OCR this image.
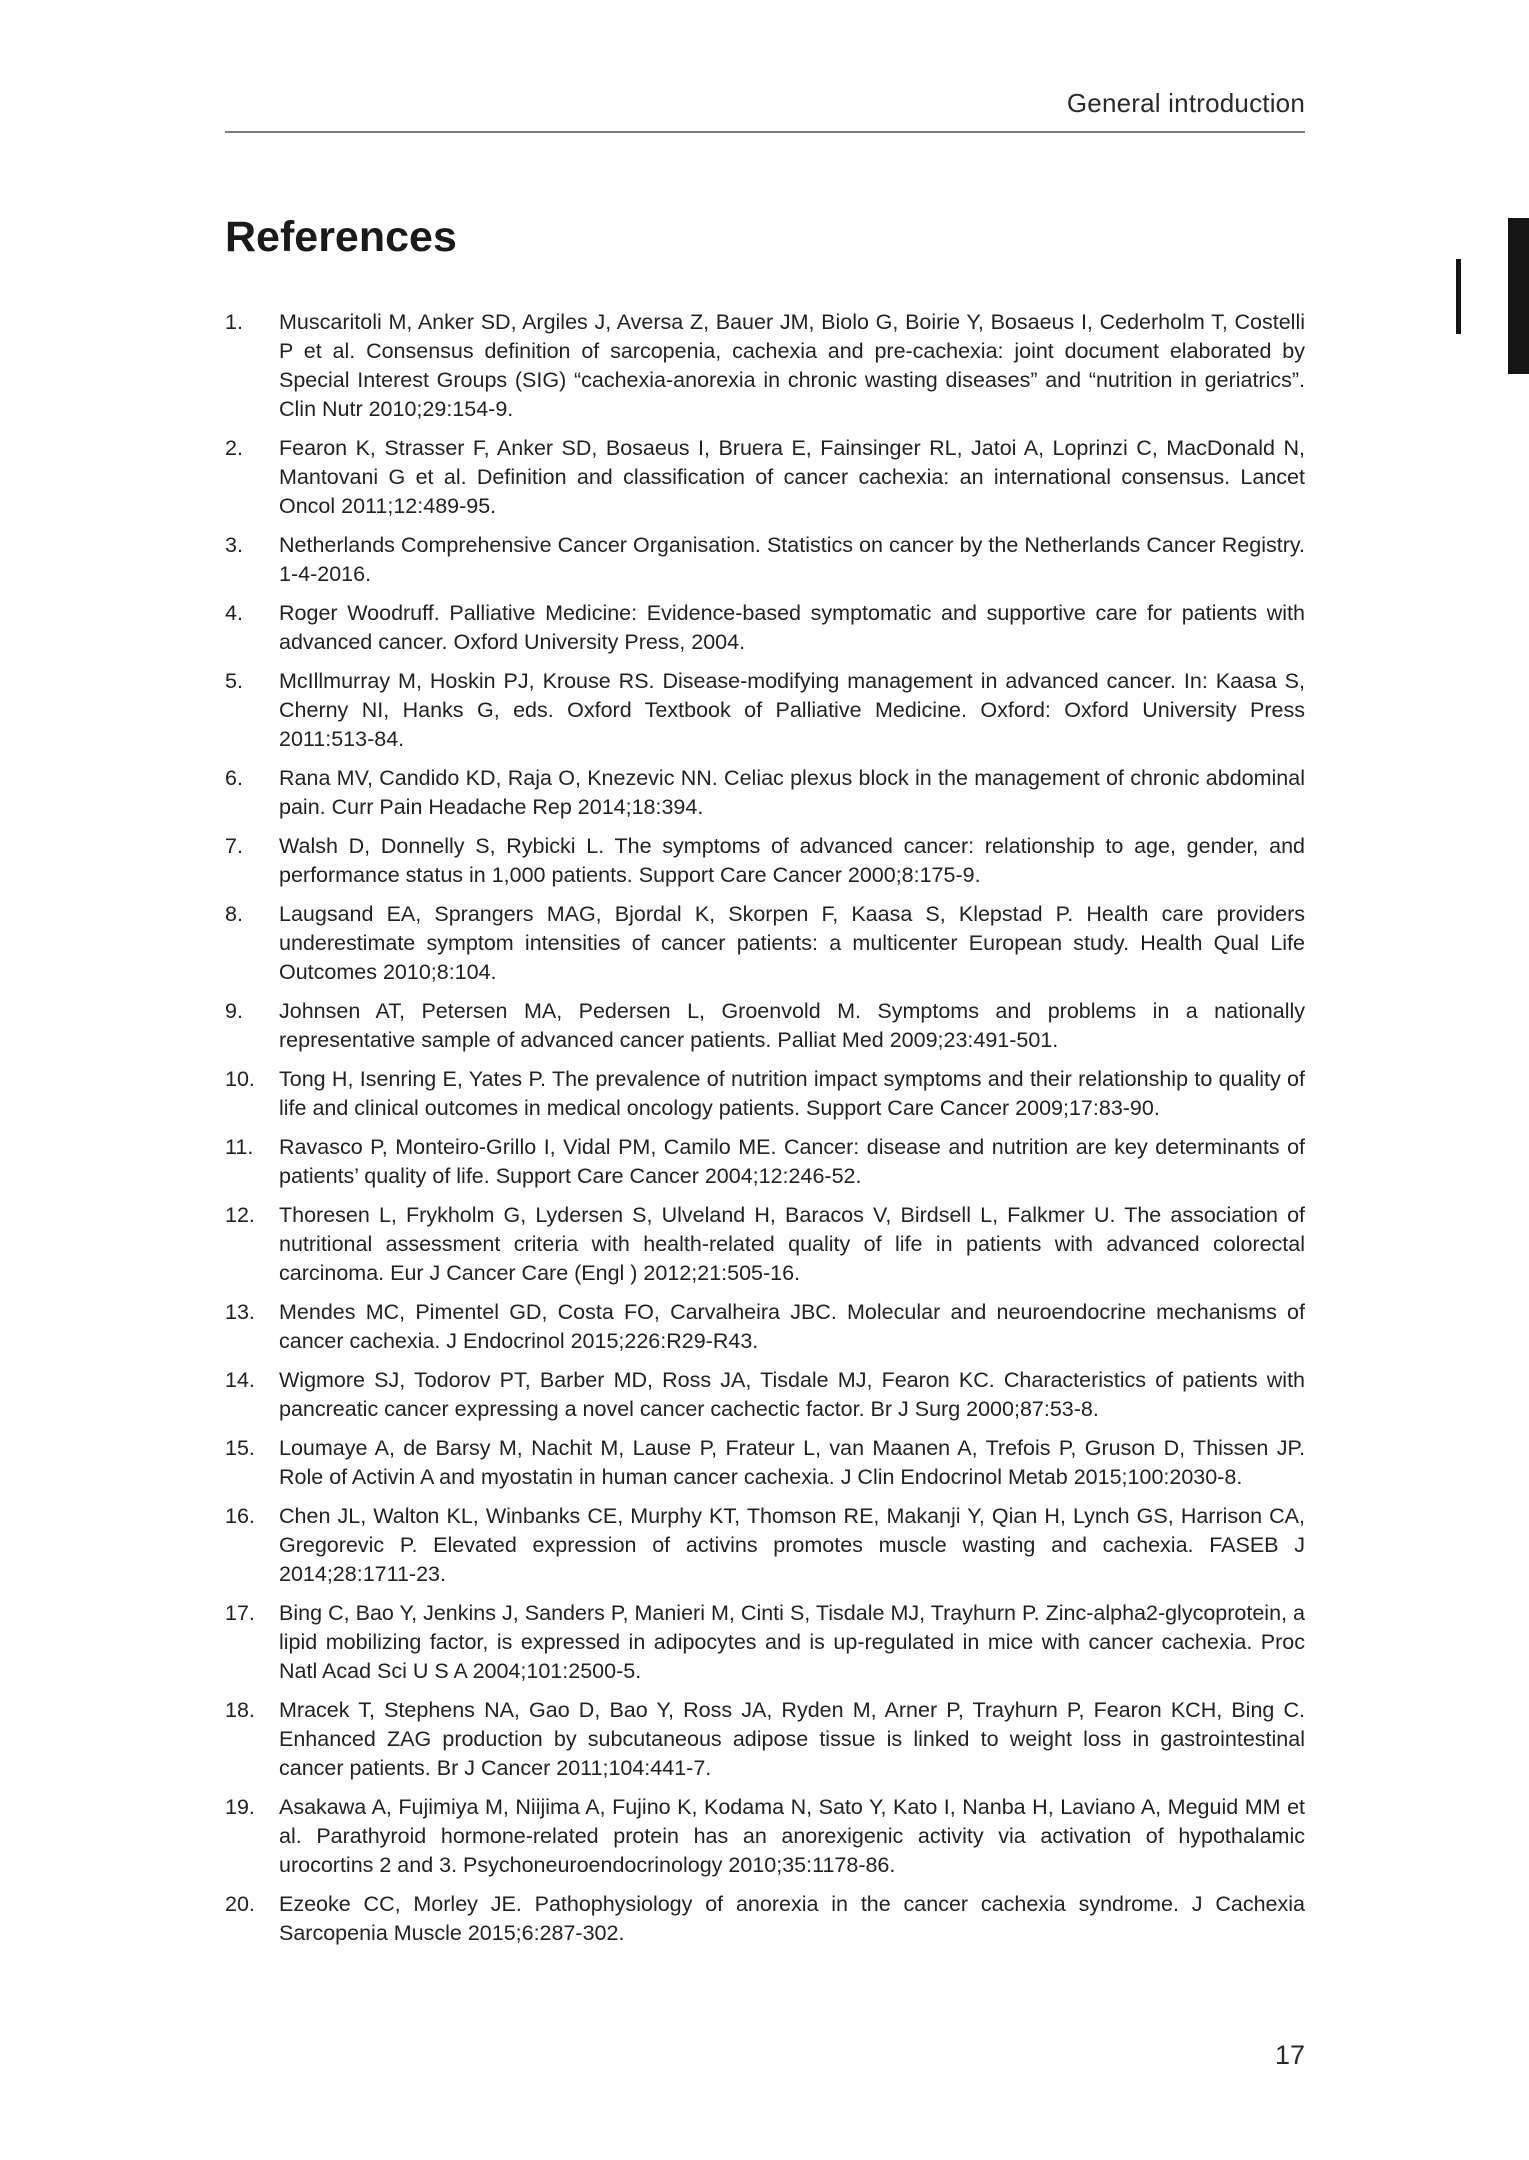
General introduction
References
1.	Muscaritoli M, Anker SD, Argiles J, Aversa Z, Bauer JM, Biolo G, Boirie Y, Bosaeus I, Cederholm T, Costelli P et al. Consensus definition of sarcopenia, cachexia and pre-cachexia: joint document elaborated by Special Interest Groups (SIG) “cachexia-anorexia in chronic wasting diseases” and “nutrition in geriatrics”. Clin Nutr 2010;29:154-9.
2.	Fearon K, Strasser F, Anker SD, Bosaeus I, Bruera E, Fainsinger RL, Jatoi A, Loprinzi C, MacDonald N, Mantovani G et al. Definition and classification of cancer cachexia: an international consensus. Lancet Oncol 2011;12:489-95.
3.	Netherlands Comprehensive Cancer Organisation. Statistics on cancer by the Netherlands Cancer Registry. 1-4-2016.
4.	Roger Woodruff. Palliative Medicine: Evidence-based symptomatic and supportive care for patients with advanced cancer. Oxford University Press, 2004.
5.	McIllmurray M, Hoskin PJ, Krouse RS. Disease-modifying management in advanced cancer. In: Kaasa S, Cherny NI, Hanks G, eds. Oxford Textbook of Palliative Medicine. Oxford: Oxford University Press 2011:513-84.
6.	Rana MV, Candido KD, Raja O, Knezevic NN. Celiac plexus block in the management of chronic abdominal pain. Curr Pain Headache Rep 2014;18:394.
7.	Walsh D, Donnelly S, Rybicki L. The symptoms of advanced cancer: relationship to age, gender, and performance status in 1,000 patients. Support Care Cancer 2000;8:175-9.
8.	Laugsand EA, Sprangers MAG, Bjordal K, Skorpen F, Kaasa S, Klepstad P. Health care providers underestimate symptom intensities of cancer patients: a multicenter European study. Health Qual Life Outcomes 2010;8:104.
9.	Johnsen AT, Petersen MA, Pedersen L, Groenvold M. Symptoms and problems in a nationally representative sample of advanced cancer patients. Palliat Med 2009;23:491-501.
10.	Tong H, Isenring E, Yates P. The prevalence of nutrition impact symptoms and their relationship to quality of life and clinical outcomes in medical oncology patients. Support Care Cancer 2009;17:83-90.
11.	Ravasco P, Monteiro-Grillo I, Vidal PM, Camilo ME. Cancer: disease and nutrition are key determinants of patients’ quality of life. Support Care Cancer 2004;12:246-52.
12.	Thoresen L, Frykholm G, Lydersen S, Ulveland H, Baracos V, Birdsell L, Falkmer U. The association of nutritional assessment criteria with health-related quality of life in patients with advanced colorectal carcinoma. Eur J Cancer Care (Engl ) 2012;21:505-16.
13.	Mendes MC, Pimentel GD, Costa FO, Carvalheira JBC. Molecular and neuroendocrine mechanisms of cancer cachexia. J Endocrinol 2015;226:R29-R43.
14.	Wigmore SJ, Todorov PT, Barber MD, Ross JA, Tisdale MJ, Fearon KC. Characteristics of patients with pancreatic cancer expressing a novel cancer cachectic factor. Br J Surg 2000;87:53-8.
15.	Loumaye A, de Barsy M, Nachit M, Lause P, Frateur L, van Maanen A, Trefois P, Gruson D, Thissen JP. Role of Activin A and myostatin in human cancer cachexia. J Clin Endocrinol Metab 2015;100:2030-8.
16.	Chen JL, Walton KL, Winbanks CE, Murphy KT, Thomson RE, Makanji Y, Qian H, Lynch GS, Harrison CA, Gregorevic P. Elevated expression of activins promotes muscle wasting and cachexia. FASEB J 2014;28:1711-23.
17.	Bing C, Bao Y, Jenkins J, Sanders P, Manieri M, Cinti S, Tisdale MJ, Trayhurn P. Zinc-alpha2-glycoprotein, a lipid mobilizing factor, is expressed in adipocytes and is up-regulated in mice with cancer cachexia. Proc Natl Acad Sci U S A 2004;101:2500-5.
18.	Mracek T, Stephens NA, Gao D, Bao Y, Ross JA, Ryden M, Arner P, Trayhurn P, Fearon KCH, Bing C. Enhanced ZAG production by subcutaneous adipose tissue is linked to weight loss in gastrointestinal cancer patients. Br J Cancer 2011;104:441-7.
19.	Asakawa A, Fujimiya M, Niijima A, Fujino K, Kodama N, Sato Y, Kato I, Nanba H, Laviano A, Meguid MM et al. Parathyroid hormone-related protein has an anorexigenic activity via activation of hypothalamic urocortins 2 and 3. Psychoneuroendocrinology 2010;35:1178-86.
20.	Ezeoke CC, Morley JE. Pathophysiology of anorexia in the cancer cachexia syndrome. J Cachexia Sarcopenia Muscle 2015;6:287-302.
17
